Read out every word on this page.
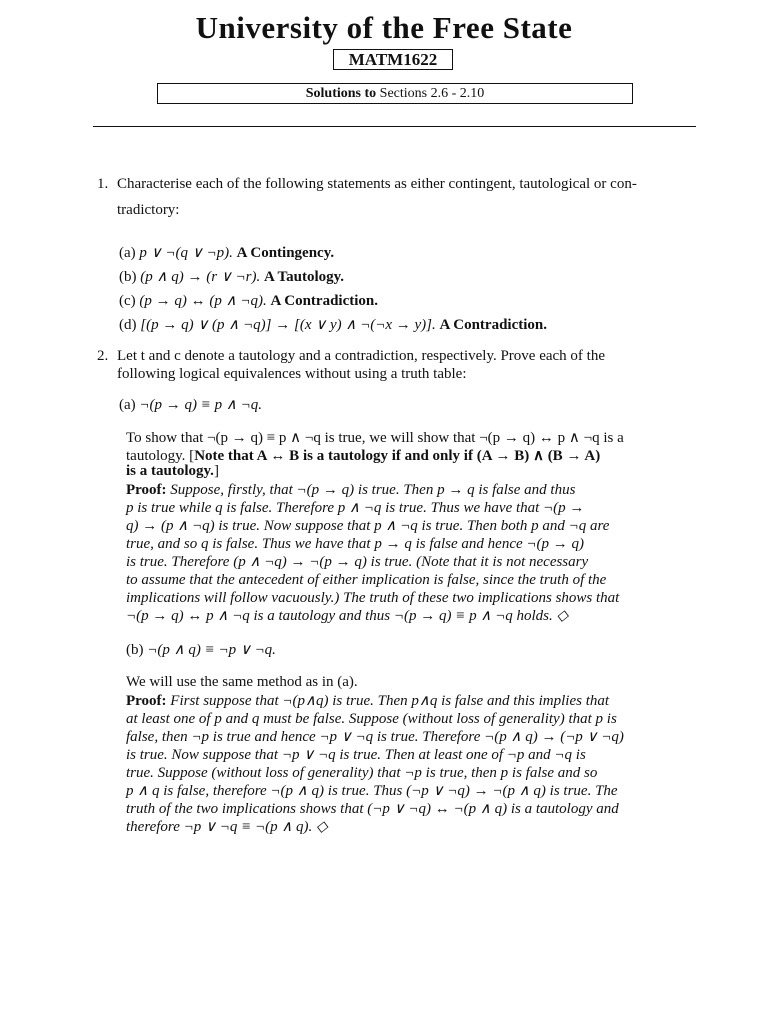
University of the Free State
MATM1622
Solutions to Sections 2.6 - 2.10
1. Characterise each of the following statements as either contingent, tautological or con-
tradictory:
(a) p ∨ ¬(q ∨ ¬p). A Contingency.
(b) (p ∧ q) → (r ∨ ¬r). A Tautology.
(c) (p → q) ↔ (p ∧ ¬q). A Contradiction.
(d) [(p → q) ∨ (p ∧ ¬q)] → [(x ∨ y) ∧ ¬(¬x → y)]. A Contradiction.
2. Let t and c denote a tautology and a contradiction, respectively. Prove each of the
following logical equivalences without using a truth table:
(a) ¬(p → q) ≡ p ∧ ¬q.
To show that ¬(p → q) ≡ p ∧ ¬q is true, we will show that ¬(p → q) ↔ p ∧ ¬q is a
tautology. [Note that A ↔ B is a tautology if and only if (A → B) ∧ (B → A)
is a tautology.]
Proof: Suppose, firstly, that ¬(p → q) is true. Then p → q is false and thus
p is true while q is false. Therefore p ∧ ¬q is true. Thus we have that ¬(p →
q) → (p ∧ ¬q) is true. Now suppose that p ∧ ¬q is true. Then both p and ¬q are
true, and so q is false. Thus we have that p → q is false and hence ¬(p → q)
is true. Therefore (p ∧ ¬q) → ¬(p → q) is true. (Note that it is not necessary
to assume that the antecedent of either implication is false, since the truth of the
implications will follow vacuously.) The truth of these two implications shows that
¬(p → q) ↔ p ∧ ¬q is a tautology and thus ¬(p → q) ≡ p ∧ ¬q holds. ◇
(b) ¬(p ∧ q) ≡ ¬p ∨ ¬q.
We will use the same method as in (a).
Proof: First suppose that ¬(p∧q) is true. Then p∧q is false and this implies that
at least one of p and q must be false. Suppose (without loss of generality) that p is
false, then ¬p is true and hence ¬p ∨ ¬q is true. Therefore ¬(p ∧ q) → (¬p ∨ ¬q)
is true. Now suppose that ¬p ∨ ¬q is true. Then at least one of ¬p and ¬q is
true. Suppose (without loss of generality) that ¬p is true, then p is false and so
p ∧ q is false, therefore ¬(p ∧ q) is true. Thus (¬p ∨ ¬q) → ¬(p ∧ q) is true. The
truth of the two implications shows that (¬p ∨ ¬q) ↔ ¬(p ∧ q) is a tautology and
therefore ¬p ∨ ¬q ≡ ¬(p ∧ q). ◇
